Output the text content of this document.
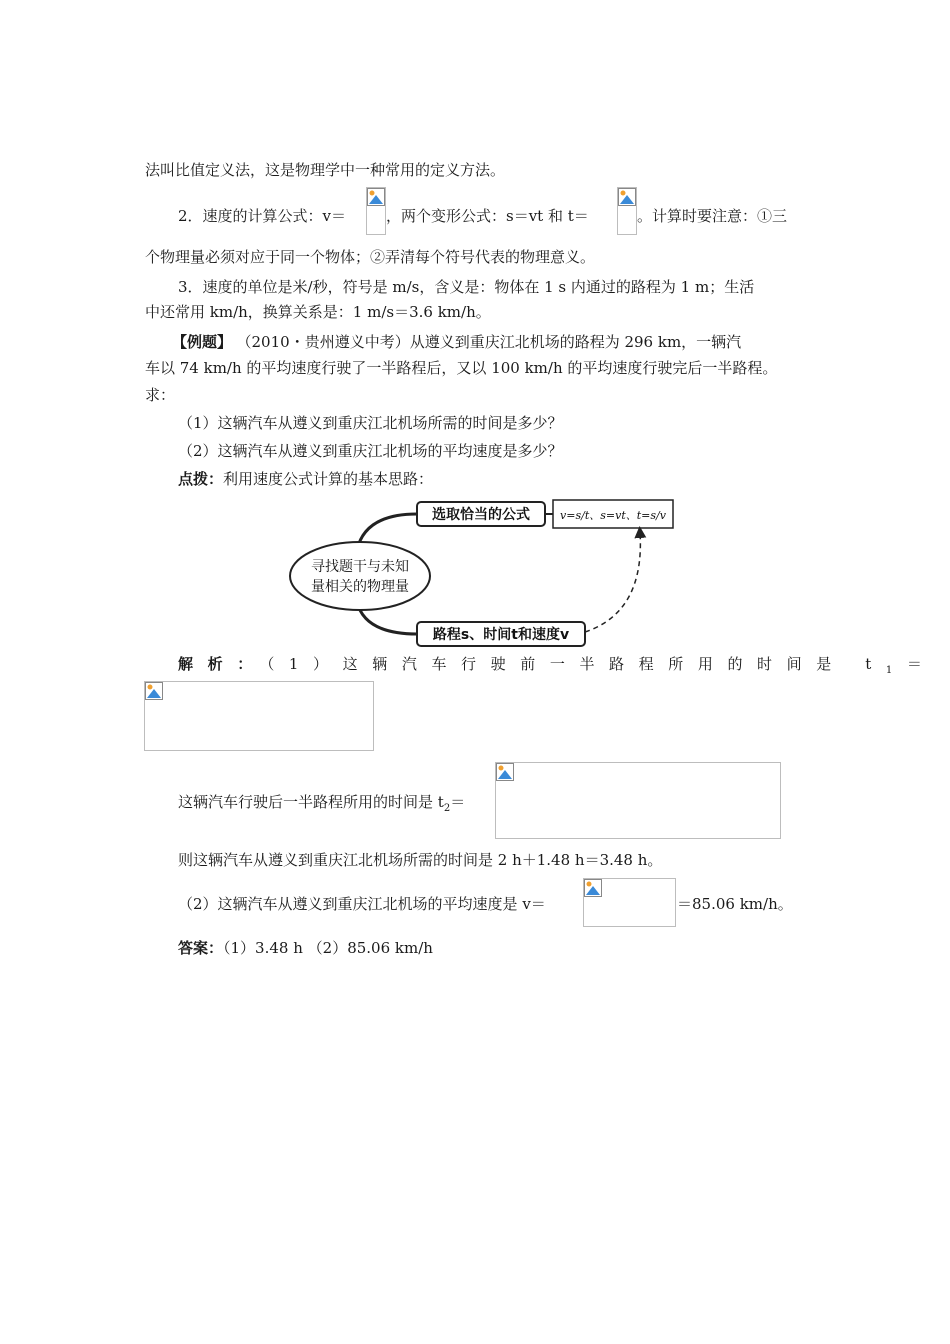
法叫比值定义法，这是物理学中一种常用的定义方法。
2．速度的计算公式：v＝	，两个变形公式：s＝vt 和 t＝	。计算时要注意：①三
个物理量必须对应于同一个物体；②弄清每个符号代表的物理意义。
3．速度的单位是米/秒，符号是 m/s，含义是：物体在 1 s 内通过的路程为 1 m；生活
中还常用 km/h，换算关系是：1 m/s＝3.6 km/h。
【例题】 （2010・贵州遵义中考）从遵义到重庆江北机场的路程为 296 km，一辆汽
车以 74 km/h 的平均速度行驶了一半路程后，又以 100 km/h 的平均速度行驶完后一半路程。
求：
（1）这辆汽车从遵义到重庆江北机场所需的时间是多少？
（2）这辆汽车从遵义到重庆江北机场的平均速度是多少？
点拨：利用速度公式计算的基本思路：
寻找题干与未知
量相关的物理量
选取恰当的公式	v=s/t、s=vt、t=s/v
路程s、时间t和速度v
解析：（1）这辆汽车行驶前一半路程所用的时间是 $t_1=$
这辆汽车行驶后一半路程所用的时间是 $t_2=$
则这辆汽车从遵义到重庆江北机场所需的时间是 2 h＋1.48 h＝3.48 h。
（2）这辆汽车从遵义到重庆江北机场的平均速度是 v＝	＝85.06 km/h。
答案：（1）3.48 h （2）85.06 km/h
